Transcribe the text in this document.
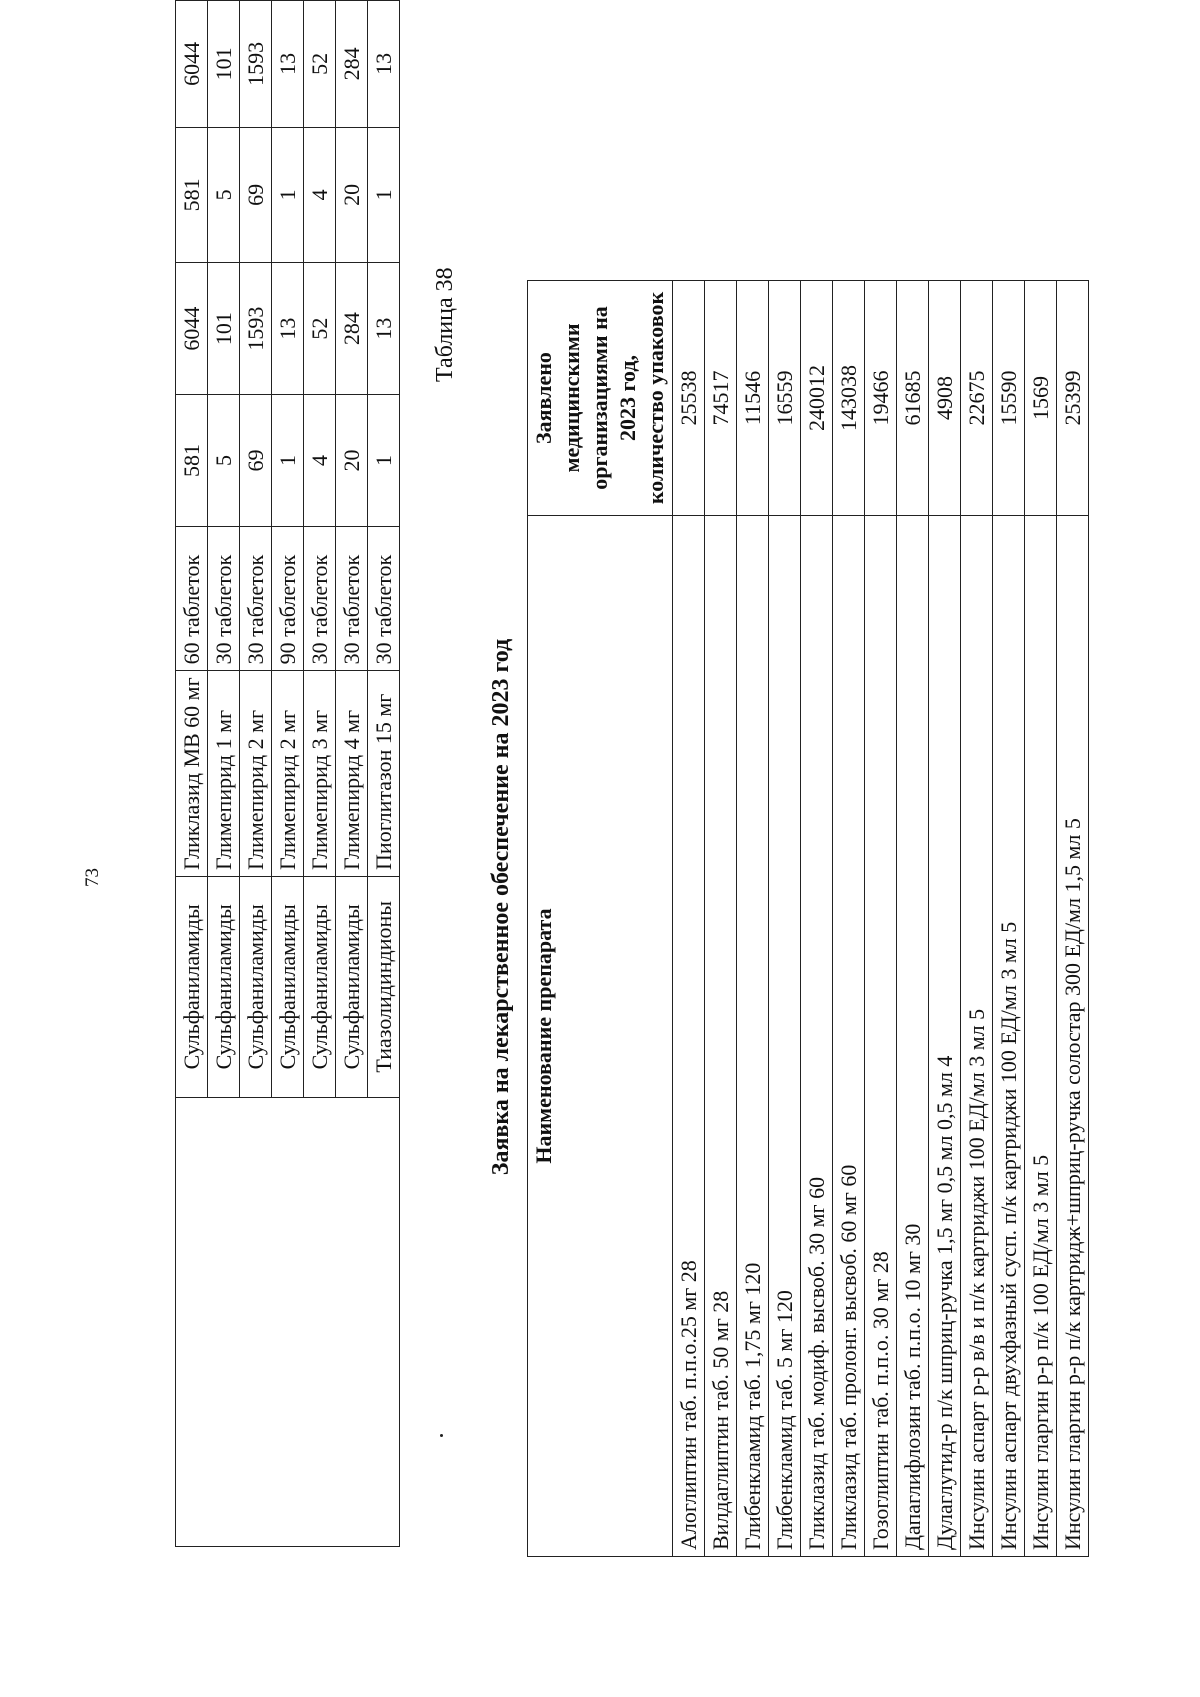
73
	Сульфаниламиды	Гликлазид МВ 60 мг	60 таблеток	581	6044	581	6044
	Сульфаниламиды	Глимепирид 1 мг	30 таблеток	5	101	5	101
	Сульфаниламиды	Глимепирид 2 мг	30 таблеток	69	1593	69	1593
	Сульфаниламиды	Глимепирид 2 мг	90 таблеток	1	13	1	13
	Сульфаниламиды	Глимепирид 3 мг	30 таблеток	4	52	4	52
	Сульфаниламиды	Глимепирид 4 мг	30 таблеток	20	284	20	284
	Тиазолидиндионы	Пиоглитазон 15 мг	30 таблеток	1	13	1	13
Таблица 38
Заявка на лекарственное обеспечение на 2023 год Наименование препарата	Заявлено медицинскими организациями на 2023 год, количество упаковок

Алоглиптин таб. п.п.о.25 мг 28	25538
Вилдаглиптин таб. 50 мг 28	74517
Глибенкламид таб. 1,75 мг 120	11546
Глибенкламид таб. 5 мг 120	16559
Гликлазид таб. модиф. высвоб. 30 мг 60	240012
Гликлазид таб. пролонг. высвоб. 60 мг 60	143038
Гозоглиптин таб. п.п.о. 30 мг 28	19466
Дапаглифлозин таб. п.п.о. 10 мг 30	61685
Дулаглутид-р п/к шприц-ручка 1,5 мг 0,5 мл 0,5 мл 4	4908
Инсулин аспарт р-р в/в и п/к картриджи 100 ЕД/мл 3 мл 5	22675
Инсулин аспарт двухфазный сусп. п/к картриджи 100 ЕД/мл 3 мл 5	15590
Инсулин гларгин р-р п/к 100 ЕД/мл 3 мл 5	1569
Инсулин гларгин р-р п/к картридж+шприц-ручка солостар 300 ЕД/мл 1,5 мл 5	25399
